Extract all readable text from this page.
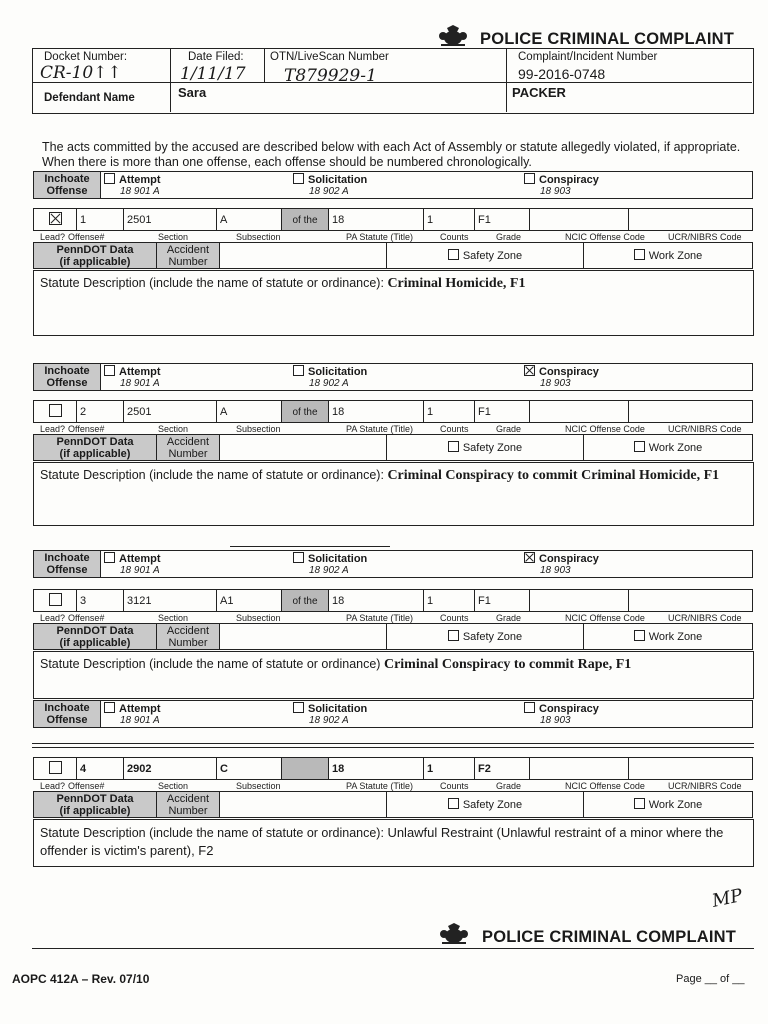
POLICE CRIMINAL COMPLAINT
Docket Number:
CR-10↑↑
Date Filed:
1/11/17
OTN/LiveScan Number
T879929-1
Complaint/Incident Number
99-2016-0748
Defendant Name	Sara	PACKER
The acts committed by the accused are described below with each Act of Assembly or statute allegedly violated, if appropriate. When there is more than one offense, each offense should be numbered chronologically.
Inchoate
Offense	
Attempt
18 901 A

Solicitation
18 902 A

Conspiracy
18 903
	1	2501	A	of the	18	1	F1		
Lead? Offense#	Section	Subsection	PA Statute (Title)	Counts	Grade	NCIC Offense Code	UCR/NIBRS Code
PennDOT Data
(if applicable)	Accident
Number		Safety Zone	Work Zone
Statute Description (include the name of statute or ordinance): Criminal Homicide, F1
Inchoate
Offense	
Attempt
18 901 A

Solicitation
18 902 A

Conspiracy
18 903
	2	2501	A	of the	18	1	F1		
Lead? Offense#	Section	Subsection	PA Statute (Title)	Counts	Grade	NCIC Offense Code	UCR/NIBRS Code
PennDOT Data
(if applicable)	Accident
Number		Safety Zone	Work Zone
Statute Description (include the name of statute or ordinance): Criminal Conspiracy to commit Criminal Homicide, F1
Inchoate
Offense	
Attempt
18 901 A

Solicitation
18 902 A

Conspiracy
18 903
	3	3121	A1	of the	18	1	F1		
Lead? Offense#	Section	Subsection	PA Statute (Title)	Counts	Grade	NCIC Offense Code	UCR/NIBRS Code
PennDOT Data
(if applicable)	Accident
Number		Safety Zone	Work Zone
Statute Description (include the name of statute or ordinance) Criminal Conspiracy to commit Rape, F1
Inchoate
Offense	
Attempt
18 901 A

Solicitation
18 902 A

Conspiracy
18 903
	4	2902	C		18	1	F2		
Lead? Offense#	Section	Subsection	PA Statute (Title)	Counts	Grade	NCIC Offense Code	UCR/NIBRS Code
PennDOT Data
(if applicable)	Accident
Number		Safety Zone	Work Zone
Statute Description (include the name of statute or ordinance): Unlawful Restraint (Unlawful restraint of a minor where the offender is victim's parent), F2
MP
POLICE CRIMINAL COMPLAINT
AOPC 412A – Rev. 07/10	Page __ of __
